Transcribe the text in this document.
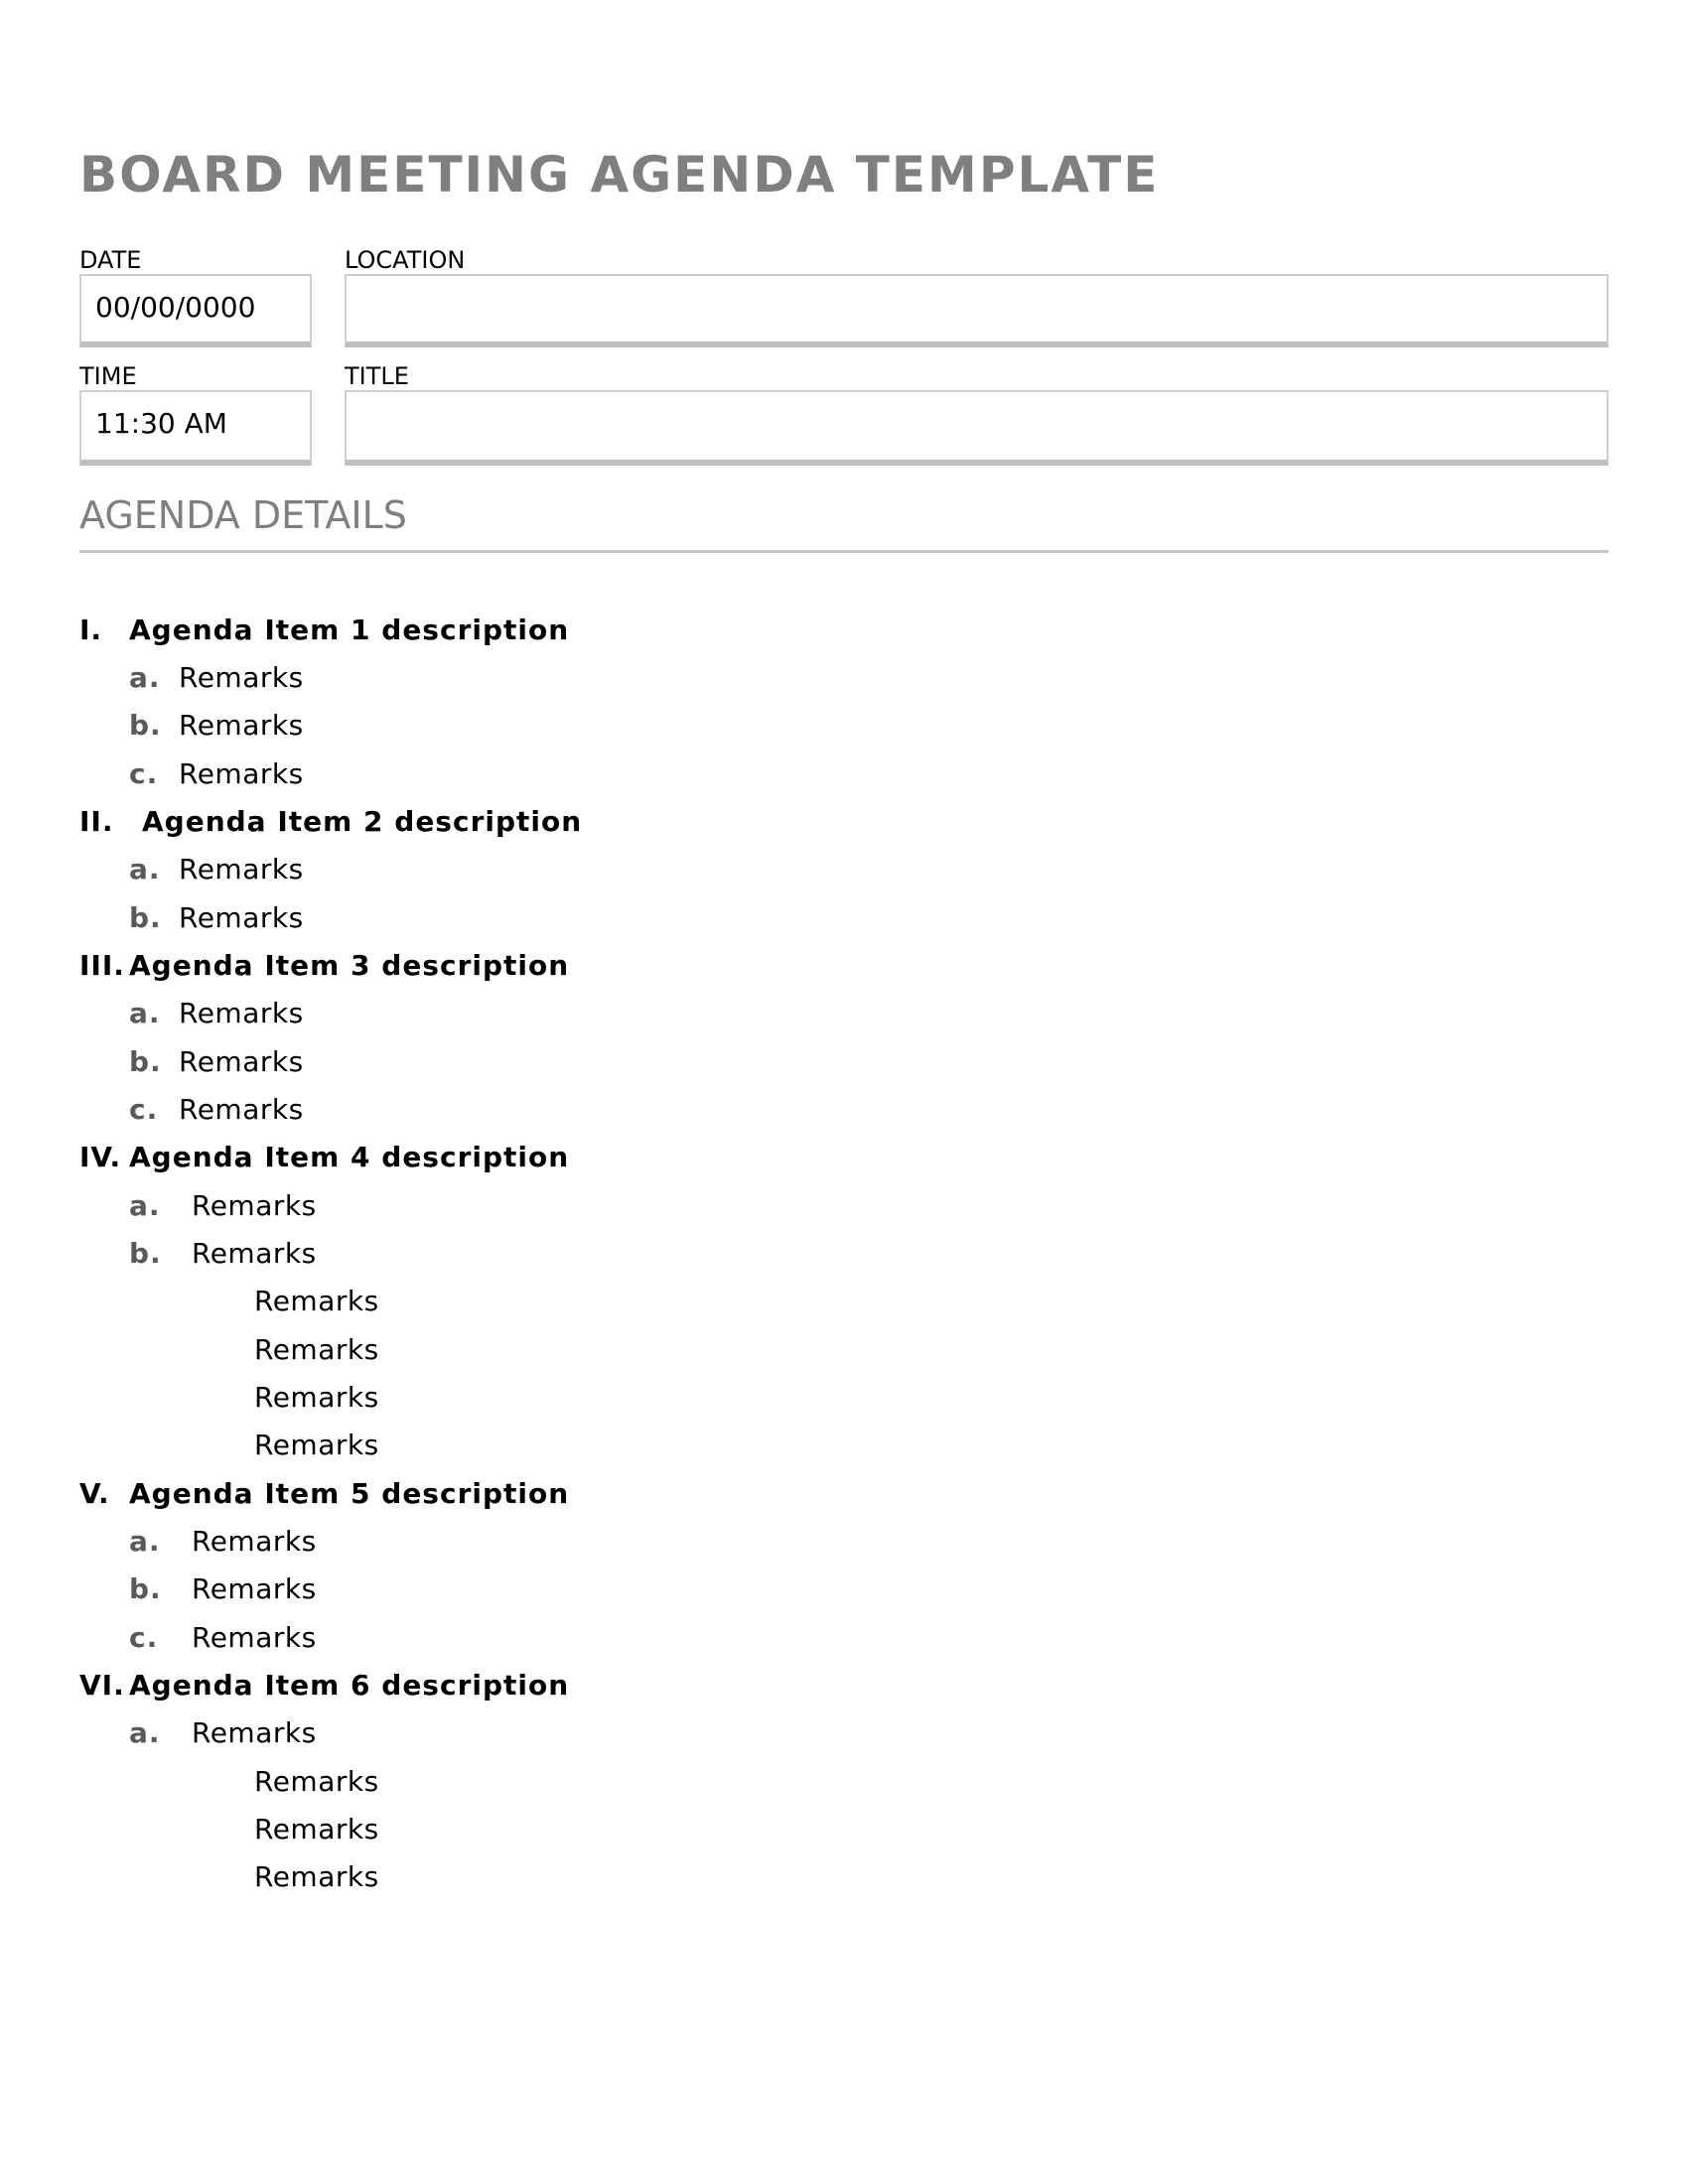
BOARD MEETING AGENDA TEMPLATE
DATE
00/00/0000
LOCATION
TIME
11:30 AM
TITLE
AGENDA DETAILS
I. Agenda Item 1 description
a. Remarks
b. Remarks
c. Remarks
II. Agenda Item 2 description
a. Remarks
b. Remarks
III. Agenda Item 3 description
a. Remarks
b. Remarks
c. Remarks
IV. Agenda Item 4 description
a. Remarks
b. Remarks
Remarks
Remarks
Remarks
Remarks
V. Agenda Item 5 description
a. Remarks
b. Remarks
c. Remarks
VI. Agenda Item 6 description
a. Remarks
Remarks
Remarks
Remarks
